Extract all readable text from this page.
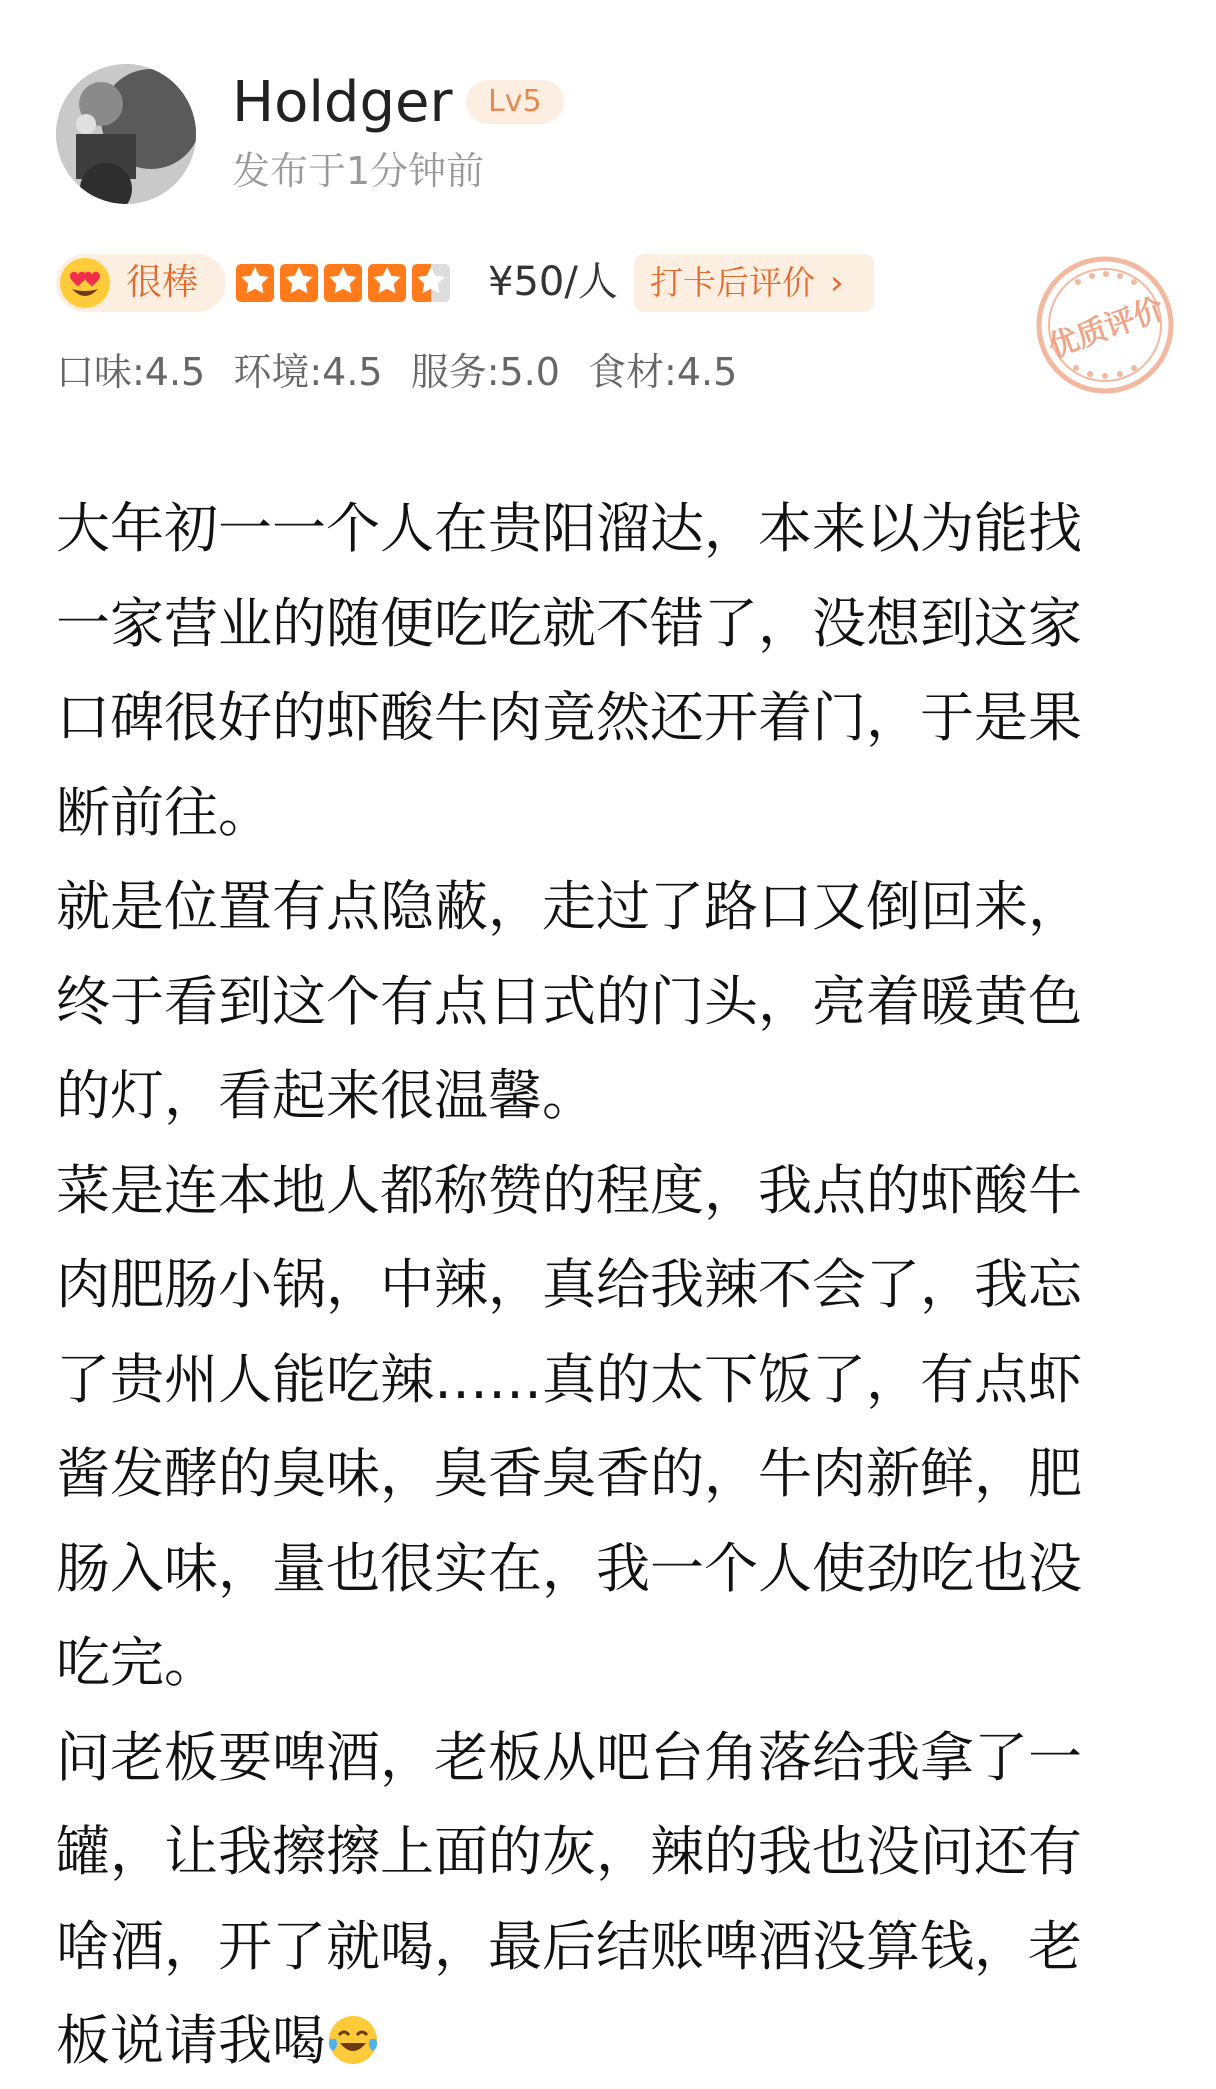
Holdger	Lv5
发布于1分钟前
很棒	¥50/人 打卡后评价 ›
优质评价
口味:4.5 环境:4.5 服务:5.0 食材:4.5

大年初一一个人在贵阳溜达，本来以为能找
一家营业的随便吃吃就不错了，没想到这家
口碑很好的虾酸牛肉竟然还开着门，于是果
断前往。

就是位置有点隐蔽，走过了路口又倒回来，
终于看到这个有点日式的门头，亮着暖黄色
的灯，看起来很温馨。

菜是连本地人都称赞的程度，我点的虾酸牛
肉肥肠小锅，中辣，真给我辣不会了，我忘
了贵州人能吃辣……真的太下饭了，有点虾
酱发酵的臭味，臭香臭香的，牛肉新鲜，肥
肠入味，量也很实在，我一个人使劲吃也没
吃完。

问老板要啤酒，老板从吧台角落给我拿了一
罐，让我擦擦上面的灰，辣的我也没问还有
啥酒，开了就喝，最后结账啤酒没算钱，老
板说请我喝
